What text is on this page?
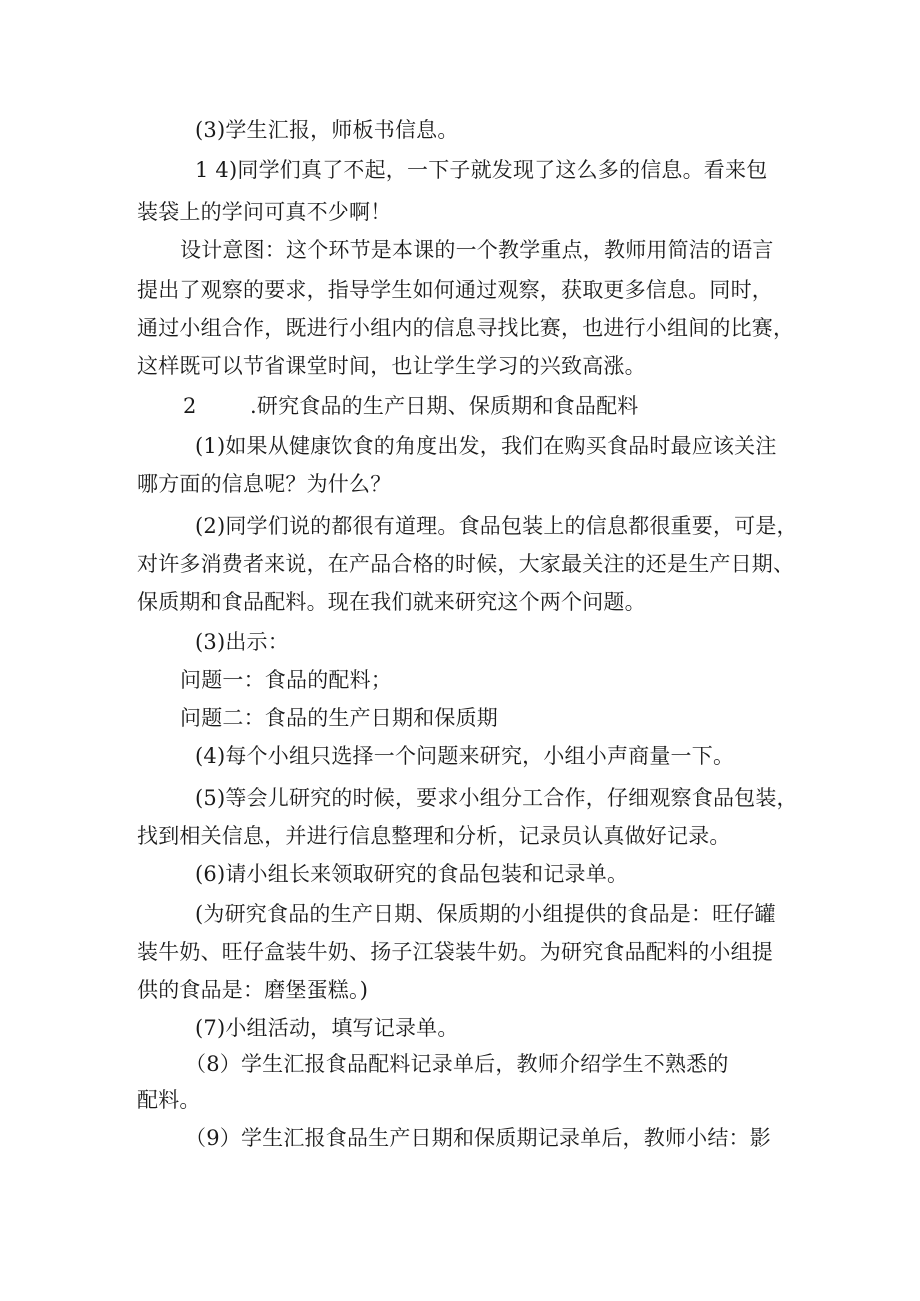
(3)学生汇报，师板书信息。
1 4)同学们真了不起，一下子就发现了这么多的信息。看来包
装袋上的学问可真不少啊！
设计意图：这个环节是本课的一个教学重点，教师用简洁的语言
提出了观察的要求，指导学生如何通过观察，获取更多信息。同时，
通过小组合作，既进行小组内的信息寻找比赛，也进行小组间的比赛，
这样既可以节省课堂时间，也让学生学习的兴致高涨。
2	.研究食品的生产日期、保质期和食品配料
(1)如果从健康饮食的角度出发，我们在购买食品时最应该关注
哪方面的信息呢？为什么？
(2)同学们说的都很有道理。食品包装上的信息都很重要，可是，
对许多消费者来说，在产品合格的时候，大家最关注的还是生产日期、
保质期和食品配料。现在我们就来研究这个两个问题。
(3)出示：
问题一：食品的配料；
问题二：食品的生产日期和保质期
(4)每个小组只选择一个问题来研究，小组小声商量一下。
(5)等会儿研究的时候，要求小组分工合作，仔细观察食品包装，
找到相关信息，并进行信息整理和分析，记录员认真做好记录。
(6)请小组长来领取研究的食品包装和记录单。
(为研究食品的生产日期、保质期的小组提供的食品是：旺仔罐
装牛奶、旺仔盒装牛奶、扬子江袋装牛奶。为研究食品配料的小组提
供的食品是：磨堡蛋糕。)
(7)小组活动，填写记录单。
（8）学生汇报食品配料记录单后，教师介绍学生不熟悉的
配料。
（9）学生汇报食品生产日期和保质期记录单后，教师小结：影
